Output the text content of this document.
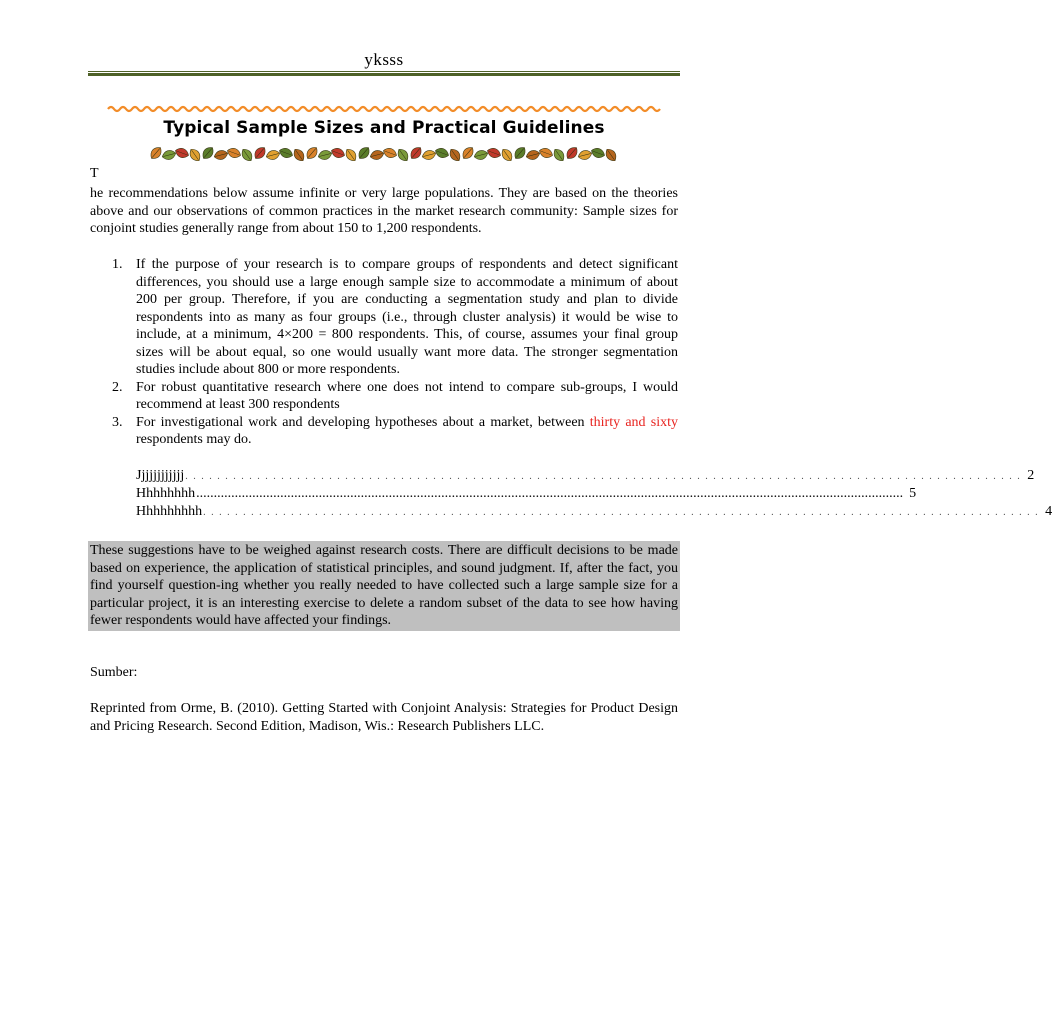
yksss
Typical Sample Sizes and Practical Guidelines
T
he recommendations below assume infinite or very large populations. They are based on the theories above and our observations of common practices in the market research community: Sample sizes for conjoint studies generally range from about 150 to 1,200 respondents.
1. If the purpose of your research is to compare groups of respondents and detect significant differences, you should use a large enough sample size to accommodate a minimum of about 200 per group. Therefore, if you are conducting a segmentation study and plan to divide respondents into as many as four groups (i.e., through cluster analysis) it would be wise to include, at a minimum, 4×200 = 800 respondents. This, of course, assumes your final group sizes will be about equal, so one would usually want more data. The stronger segmentation studies include about 800 or more respondents.
2. For robust quantitative research where one does not intend to compare sub-groups, I would recommend at least 300 respondents
3. For investigational work and developing hypotheses about a market, between thirty and sixty respondents may do.
Jjjjjjjjjjjj . . . . . . . . . . . . . . . . . . . . . . . . . . . . . . . . . . . . . . . . . . . . . . . . . . . . . . . . . . . . . . . . . . . . . . . . . . . . . . . . . . . . . . . . . . . . . . . . . . . . . . . . . 2
Hhhhhhhh .......................................................................................................................................................................................................... 5
Hhhhhhhhh . . . . . . . . . . . . . . . . . . . . . . . . . . . . . . . . . . . . . . . . . . . . . . . . . . . . . . . . . . . . . . . . . . . . . . . . . . . . . . . . . . . . . . . . . . . . . . . . . . . . . . . . . 4
These suggestions have to be weighed against research costs. There are difficult decisions to be made based on experience, the application of statistical principles, and sound judgment. If, after the fact, you find yourself question-ing whether you really needed to have collected such a large sample size for a particular project, it is an interesting exercise to delete a random subset of the data to see how having fewer respondents would have affected your findings.
Sumber:
Reprinted from Orme, B. (2010). Getting Started with Conjoint Analysis: Strategies for Product Design and Pricing Research. Second Edition, Madison, Wis.: Research Publishers LLC.
